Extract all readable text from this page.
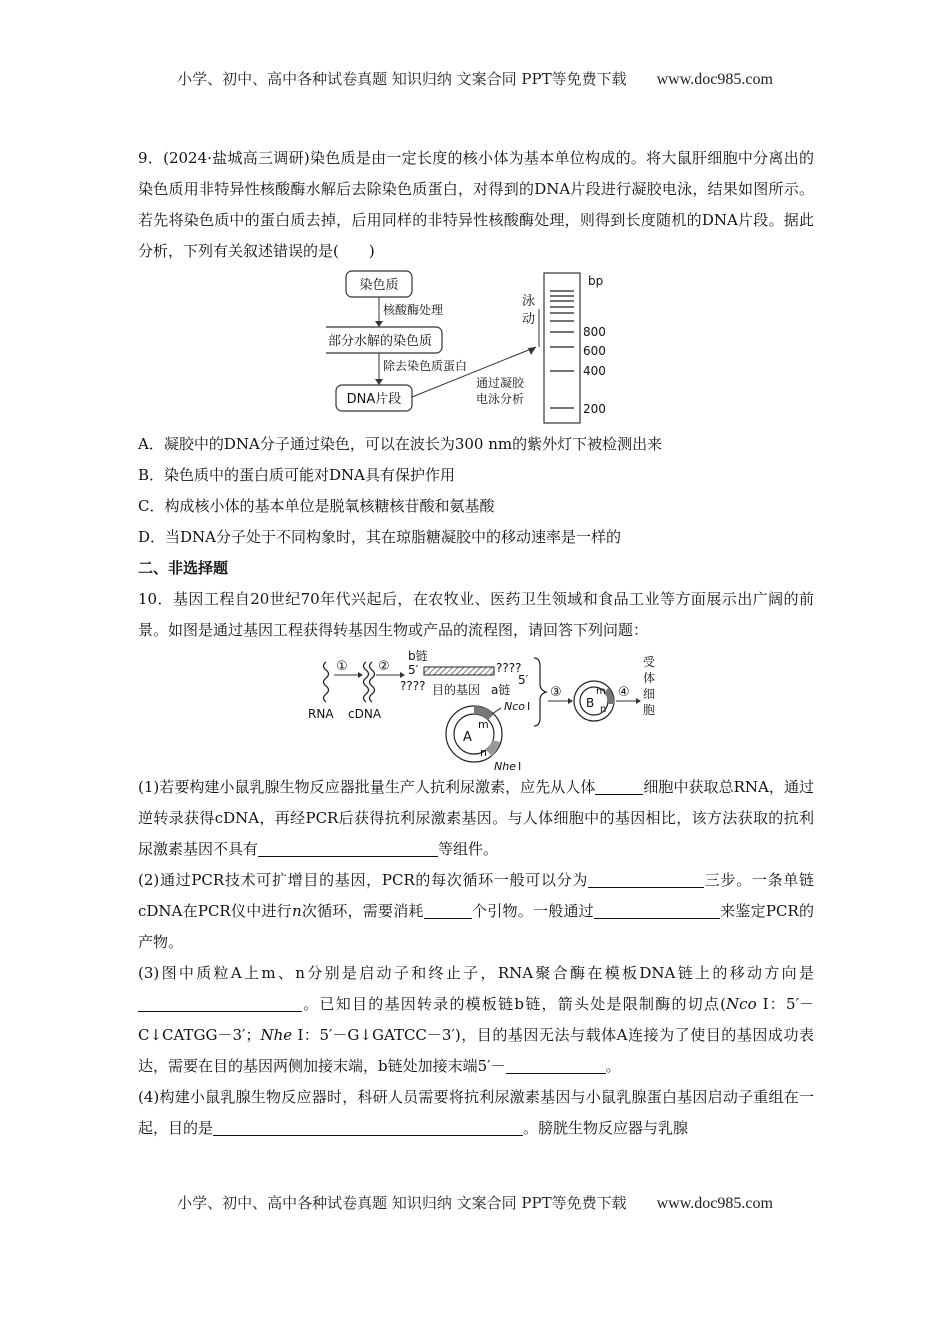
小学、初中、高中各种试卷真题 知识归纳 文案合同 PPT等免费下载 www.doc985.com

9．(2024·盐城高三调研)染色质是由一定长度的核小体为基本单位构成的。将大鼠肝细胞中分离出的染色质用非特异性核酸酶水解后去除染色质蛋白，对得到的DNA片段进行凝胶电泳，结果如图所示。若先将染色质中的蛋白质去掉，后用同样的非特异性核酸酶处理，则得到长度随机的DNA片段。据此分析，下列有关叙述错误的是(　　)

染色质
核酸酶处理
部分水解的染色质
除去染色质蛋白
DNA片段
通过凝胶
电泳分析
泳
动
bp
800
600
400
200

A．凝胶中的DNA分子通过染色，可以在波长为300 nm的紫外灯下被检测出来

B．染色质中的蛋白质可能对DNA具有保护作用

C．构成核小体的基本单位是脱氧核糖核苷酸和氨基酸

D．当DNA分子处于不同构象时，其在琼脂糖凝胶中的移动速率是一样的

二、非选择题

10．基因工程自20世纪70年代兴起后，在农牧业、医药卫生领域和食品工业等方面展示出广阔的前景。如图是通过基因工程获得转基因生物或产品的流程图，请回答下列问题：

RNA cDNA
① ②
b链
5′	????
5′
???? 目的基因 a链
A
m
n
Nco Ⅰ
Nhe Ⅰ
③
B
m
n
④
受
体
细
胞

(1)若要构建小鼠乳腺生物反应器批量生产人抗利尿激素，应先从人体	细胞中获取总RNA，通过逆转录获得cDNA，再经PCR后获得抗利尿激素基因。与人体细胞中的基因相比，该方法获取的抗利尿激素基因不具有	等组件。

(2)通过PCR技术可扩增目的基因，PCR的每次循环一般可以分为	三步。一条单链cDNA在PCR仪中进行n次循环，需要消耗	个引物。一般通过	来鉴定PCR的产物。

(3)图中质粒A上m、n分别是启动子和终止子，RNA聚合酶在模板DNA链上的移动方向是。已知目的基因转录的模板链b链，箭头处是限制酶的切点(Nco Ⅰ：5′－C↓CATGG－3′；Nhe Ⅰ：5′－G↓GATCC－3′)，目的基因无法与载体A连接为了使目的基因成功表达，需要在目的基因两侧加接末端，b链处加接末端5′－	。

(4)构建小鼠乳腺生物反应器时，科研人员需要将抗利尿激素基因与小鼠乳腺蛋白基因启动子重组在一起，目的是	。膀胱生物反应器与乳腺

小学、初中、高中各种试卷真题 知识归纳 文案合同 PPT等免费下载 www.doc985.com
